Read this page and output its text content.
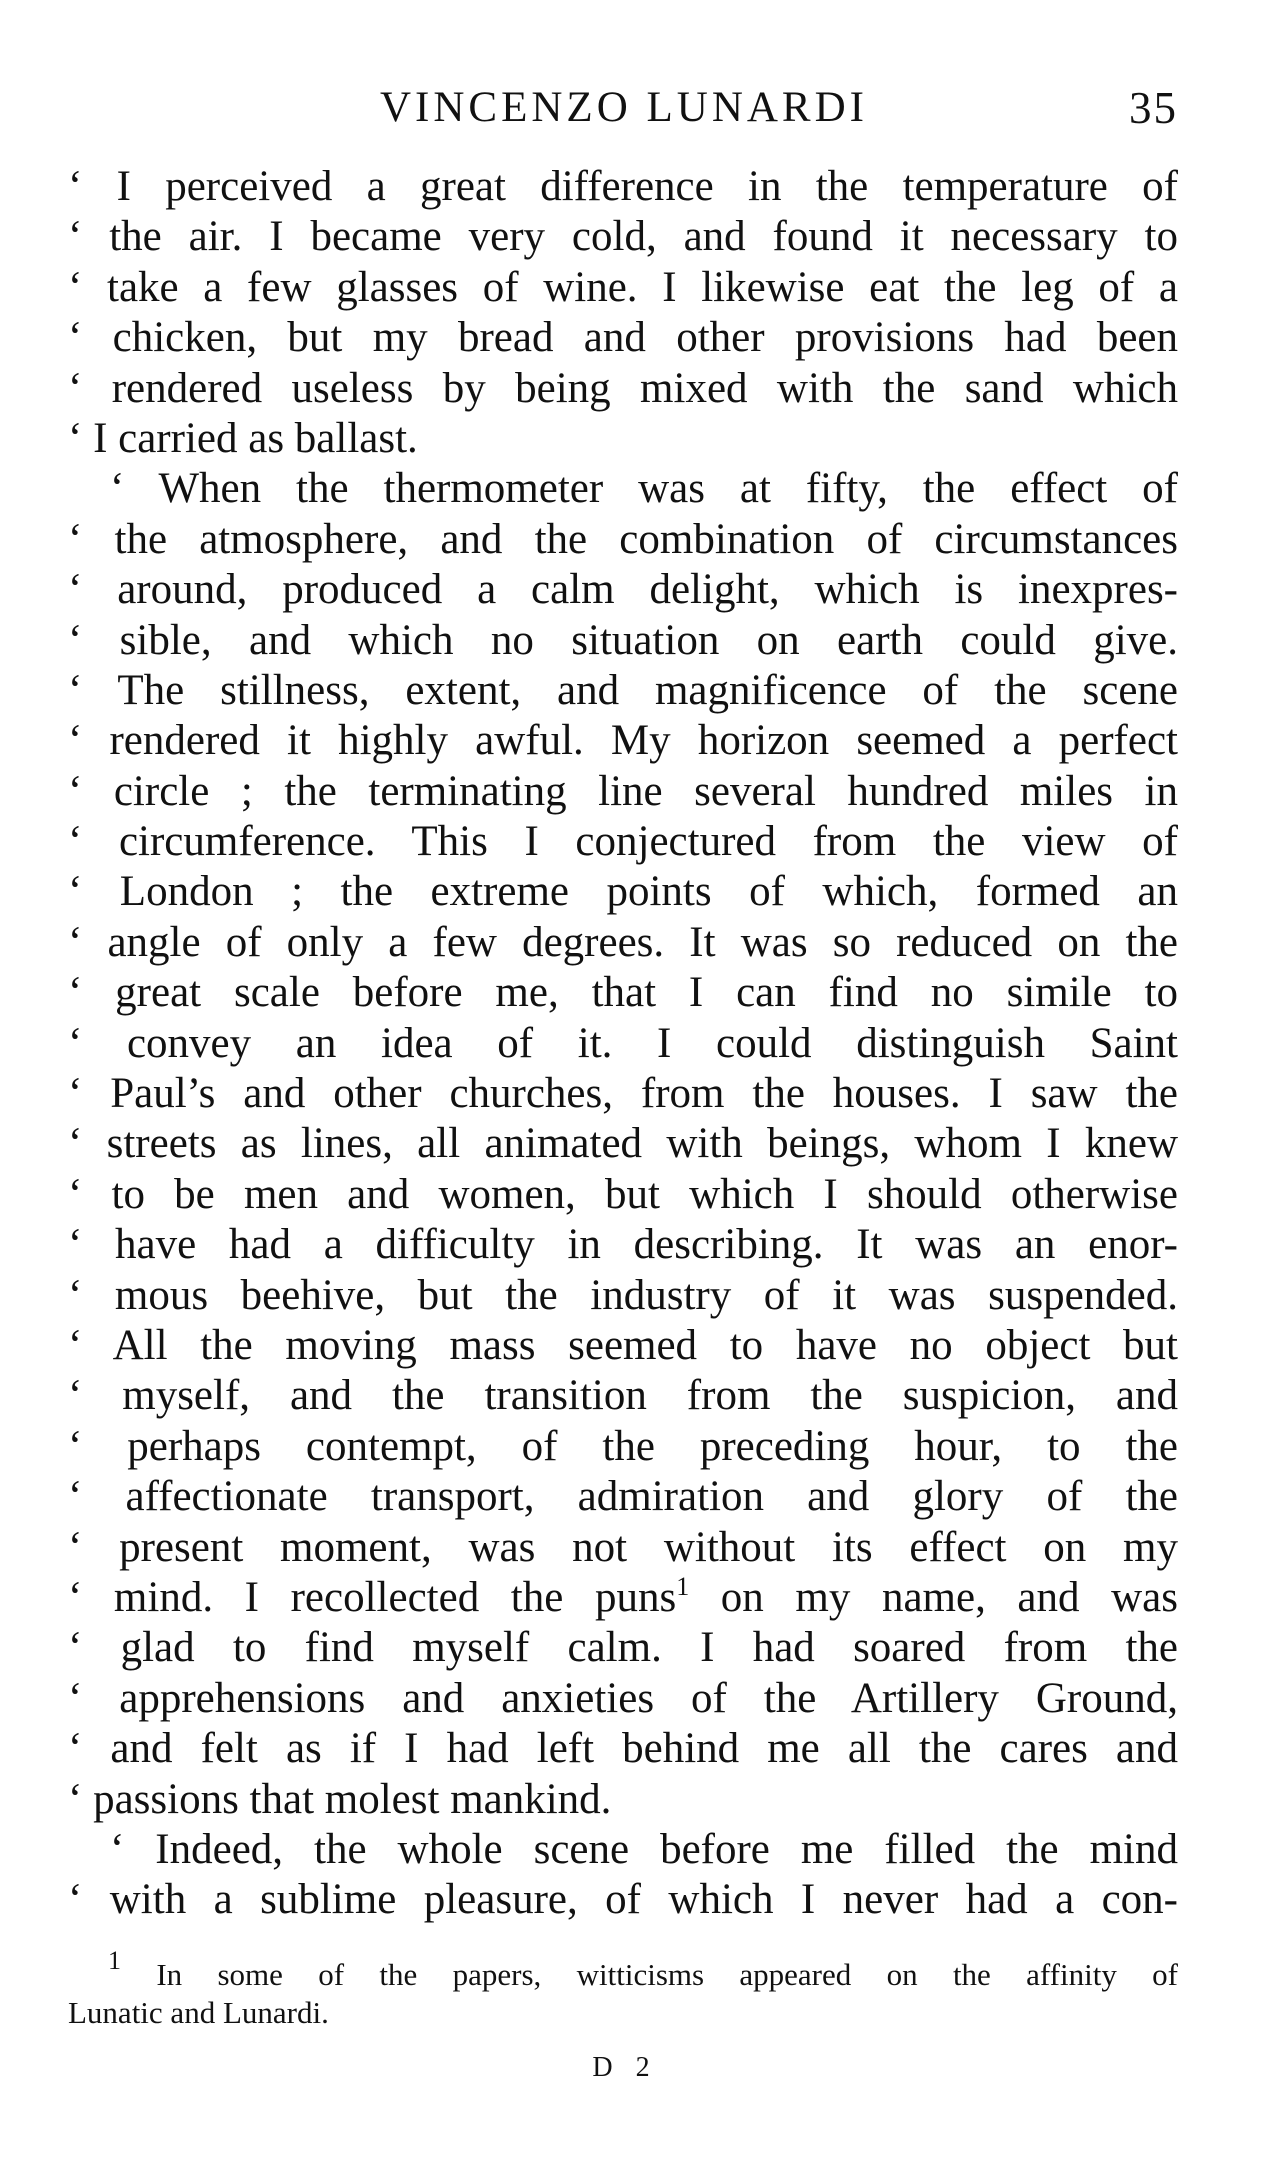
VINCENZO LUNARDI	35
‘ I perceived a great difference in the temperature of
‘ the air. I became very cold, and found it necessary to
‘ take a few glasses of wine. I likewise eat the leg of a
‘ chicken, but my bread and other provisions had been
‘ rendered useless by being mixed with the sand which
‘ I carried as ballast.
‘ When the thermometer was at fifty, the effect of
‘ the atmosphere, and the combination of circumstances
‘ around, produced a calm delight, which is inexpres-
‘ sible, and which no situation on earth could give.
‘ The stillness, extent, and magnificence of the scene
‘ rendered it highly awful. My horizon seemed a perfect
‘ circle ; the terminating line several hundred miles in
‘ circumference. This I conjectured from the view of
‘ London ; the extreme points of which, formed an
‘ angle of only a few degrees. It was so reduced on the
‘ great scale before me, that I can find no simile to
‘ convey an idea of it. I could distinguish Saint
‘ Paul’s and other churches, from the houses. I saw the
‘ streets as lines, all animated with beings, whom I knew
‘ to be men and women, but which I should otherwise
‘ have had a difficulty in describing. It was an enor-
‘ mous beehive, but the industry of it was suspended.
‘ All the moving mass seemed to have no object but
‘ myself, and the transition from the suspicion, and
‘ perhaps contempt, of the preceding hour, to the
‘ affectionate transport, admiration and glory of the
‘ present moment, was not without its effect on my
‘ mind. I recollected the puns$^1$ on my name, and was
‘ glad to find myself calm. I had soared from the
‘ apprehensions and anxieties of the Artillery Ground,
‘ and felt as if I had left behind me all the cares and
‘ passions that molest mankind.
‘ Indeed, the whole scene before me filled the mind
‘ with a sublime pleasure, of which I never had a con-
$^1$ In some of the papers, witticisms appeared on the affinity of
Lunatic and Lunardi.
D 2
